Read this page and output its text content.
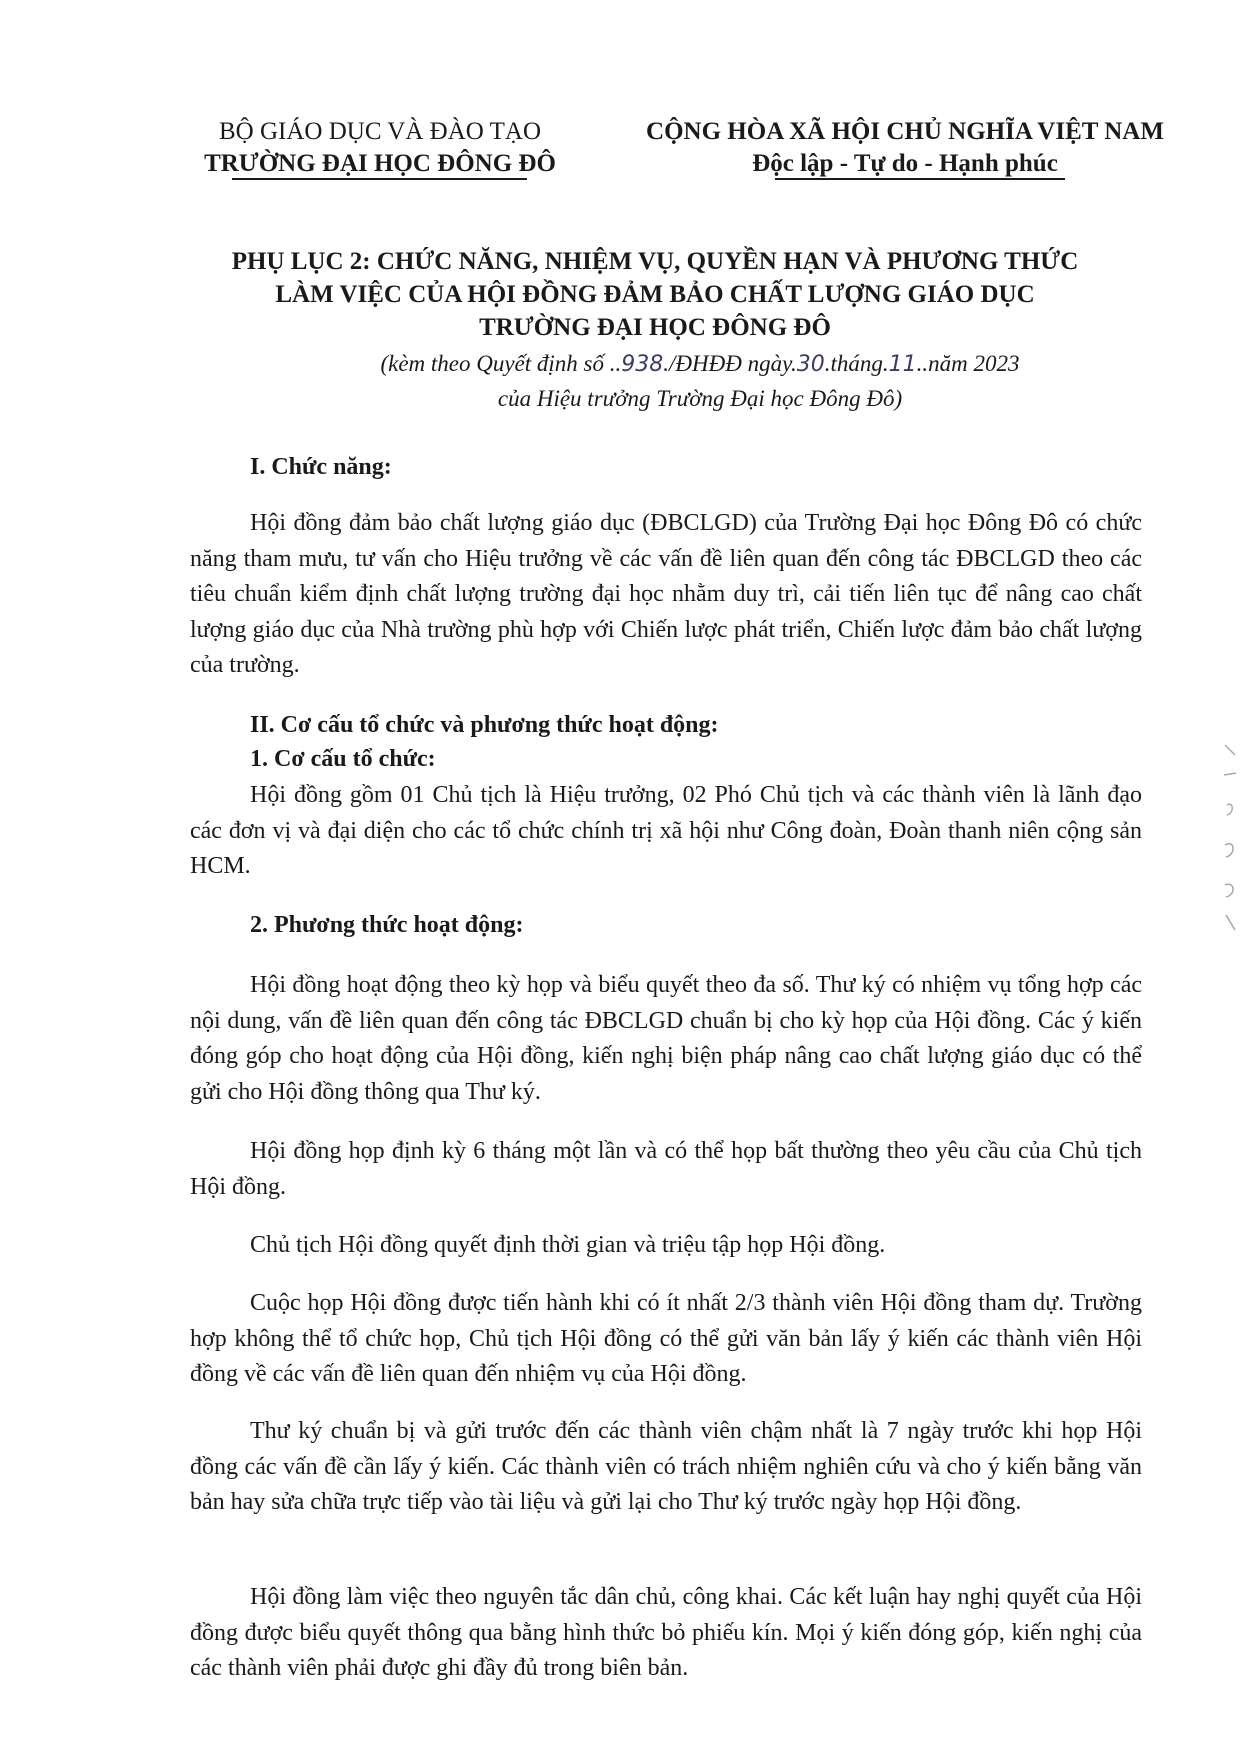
BỘ GIÁO DỤC VÀ ĐÀO TẠO
TRƯỜNG ĐẠI HỌC ĐÔNG ĐÔ
CỘNG HÒA XÃ HỘI CHỦ NGHĨA VIỆT NAM
Độc lập - Tự do - Hạnh phúc
PHỤ LỤC 2: CHỨC NĂNG, NHIỆM VỤ, QUYỀN HẠN VÀ PHƯƠNG THỨC
LÀM VIỆC CỦA HỘI ĐỒNG ĐẢM BẢO CHẤT LƯỢNG GIÁO DỤC
TRƯỜNG ĐẠI HỌC ĐÔNG ĐÔ
(kèm theo Quyết định số ..938./ĐHĐĐ ngày.30.tháng.11..năm 2023
của Hiệu trưởng Trường Đại học Đông Đô)
I. Chức năng:

Hội đồng đảm bảo chất lượng giáo dục (ĐBCLGD) của Trường Đại học Đông Đô có chức năng tham mưu, tư vấn cho Hiệu trưởng về các vấn đề liên quan đến công tác ĐBCLGD theo các tiêu chuẩn kiểm định chất lượng trường đại học nhằm duy trì, cải tiến liên tục để nâng cao chất lượng giáo dục của Nhà trường phù hợp với Chiến lược phát triển, Chiến lược đảm bảo chất lượng của trường.

II. Cơ cấu tổ chức và phương thức hoạt động:
1. Cơ cấu tổ chức:

Hội đồng gồm 01 Chủ tịch là Hiệu trưởng, 02 Phó Chủ tịch và các thành viên là lãnh đạo các đơn vị và đại diện cho các tổ chức chính trị xã hội như Công đoàn, Đoàn thanh niên cộng sản HCM.

2. Phương thức hoạt động:

Hội đồng hoạt động theo kỳ họp và biểu quyết theo đa số. Thư ký có nhiệm vụ tổng hợp các nội dung, vấn đề liên quan đến công tác ĐBCLGD chuẩn bị cho kỳ họp của Hội đồng. Các ý kiến đóng góp cho hoạt động của Hội đồng, kiến nghị biện pháp nâng cao chất lượng giáo dục có thể gửi cho Hội đồng thông qua Thư ký.

Hội đồng họp định kỳ 6 tháng một lần và có thể họp bất thường theo yêu cầu của Chủ tịch Hội đồng.

Chủ tịch Hội đồng quyết định thời gian và triệu tập họp Hội đồng.

Cuộc họp Hội đồng được tiến hành khi có ít nhất 2/3 thành viên Hội đồng tham dự. Trường hợp không thể tổ chức họp, Chủ tịch Hội đồng có thể gửi văn bản lấy ý kiến các thành viên Hội đồng về các vấn đề liên quan đến nhiệm vụ của Hội đồng.

Thư ký chuẩn bị và gửi trước đến các thành viên chậm nhất là 7 ngày trước khi họp Hội đồng các vấn đề cần lấy ý kiến. Các thành viên có trách nhiệm nghiên cứu và cho ý kiến bằng văn bản hay sửa chữa trực tiếp vào tài liệu và gửi lại cho Thư ký trước ngày họp Hội đồng.

Hội đồng làm việc theo nguyên tắc dân chủ, công khai. Các kết luận hay nghị quyết của Hội đồng được biểu quyết thông qua bằng hình thức bỏ phiếu kín. Mọi ý kiến đóng góp, kiến nghị của các thành viên phải được ghi đầy đủ trong biên bản.
